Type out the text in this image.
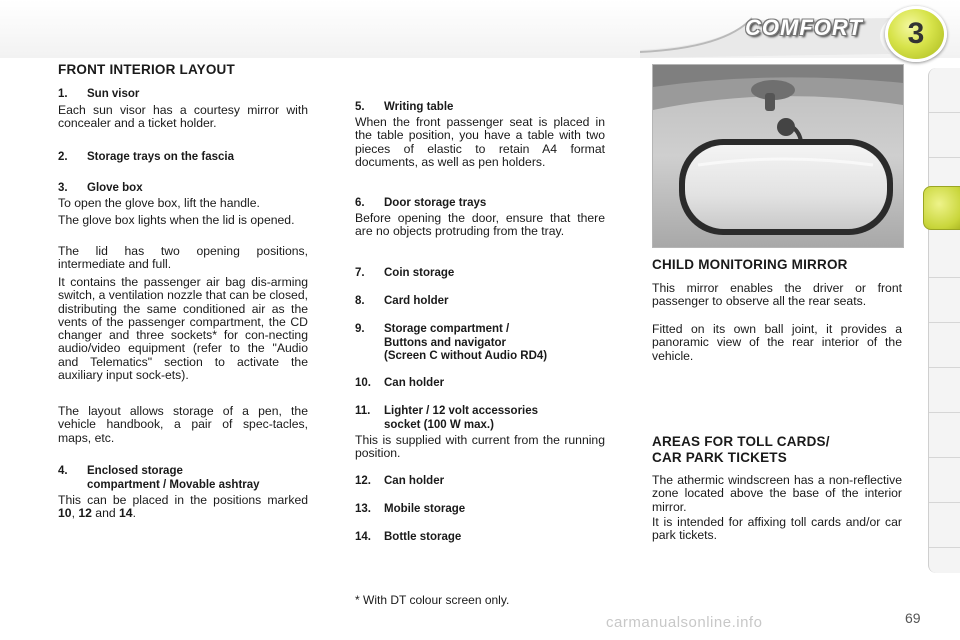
COMFORT	3
FRONT INTERIOR LAYOUT
1. Sun visor
Each sun visor has a courtesy mirror with concealer and a ticket holder.
2. Storage trays on the fascia
3. Glove box
To open the glove box, lift the handle.
The glove box lights when the lid is opened.
The lid has two opening positions, intermediate and full.
It contains the passenger air bag dis-arming switch, a ventilation nozzle that can be closed, distributing the same conditioned air as the vents of the passenger compartment, the CD changer and three sockets* for con-necting audio/video equipment (refer to the "Audio and Telematics" section to activate the auxiliary input sock-ets).
The layout allows storage of a pen, the vehicle handbook, a pair of spec-tacles, maps, etc.
4. Enclosed storage
compartment / Movable ashtray
This can be placed in the positions marked 10, 12 and 14.
5. Writing table
When the front passenger seat is placed in the table position, you have a table with two pieces of elastic to retain A4 format documents, as well as pen holders.
6. Door storage trays
Before opening the door, ensure that there are no objects protruding from the tray.
7. Coin storage
8. Card holder
9. Storage compartment /
Buttons and navigator
(Screen C without Audio RD4)
10. Can holder
11. Lighter / 12 volt accessories
socket (100 W max.)
This is supplied with current from the running position.
12. Can holder
13. Mobile storage
14. Bottle storage
* With DT colour screen only.
CHILD MONITORING MIRROR
This mirror enables the driver or front passenger to observe all the rear seats.
Fitted on its own ball joint, it provides a panoramic view of the rear interior of the vehicle.
AREAS FOR TOLL CARDS/
CAR PARK TICKETS
The athermic windscreen has a non-reflective zone located above the base of the interior mirror.
It is intended for affixing toll cards and/or car park tickets.
carmanualsonline.info	69
